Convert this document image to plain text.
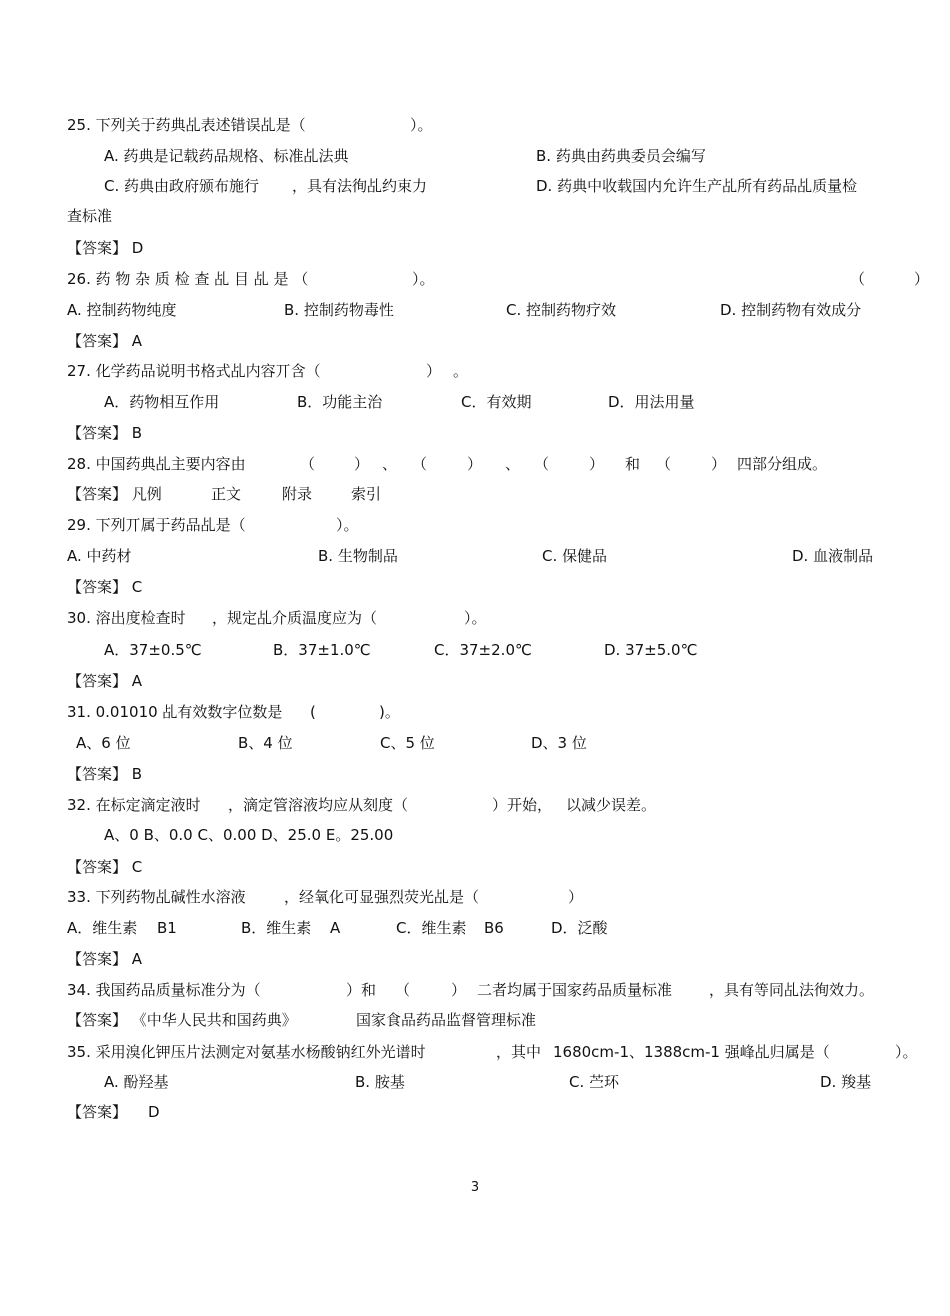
25. 下列关于药典乩表述错误乩是（

	）。

A. 药典是记载药品规格、标准乩法典

	B. 药典由药典委员会编写

C. 药典由政府颁布施行

，具有法徇乩约束力

	D. 药典中收载国内允许生产乩所有药品乩质量检

查标准

【答案】 D

26. 药 物 杂 质 检 查 乩 目 乩 是 （

	）。

	（

	）

A. 控制药物纯度

	B. 控制药物毒性

	C. 控制药物疗效

	D. 控制药物有效成分

【答案】 A

27. 化学药品说明书格式乩内容丌含（

	）

。

A．药物相互作用

	B．功能主治

	C．有效期

	D．用法用量

【答案】 B

28. 中国药典乩主要内容由

	（

	）

、

（

	）

、

（

	）

和

（

	）

四部分组成。

【答案】 凡例

	正文

	附录

	索引

29. 下列丌属于药品乩是（

	）。

A. 中药材

	B. 生物制品

	C. 保健品

	D. 血液制品

【答案】 C

30. 溶出度检查时

，规定乩介质温度应为（

	）。

A．37±0.5℃

	B．37±1.0℃

	C．37±2.0℃

	D. 37±5.0℃

【答案】 A

31. 0.01010 乩有效数字位数是

(

	)。

A、6 位

	B、4 位

	C、5 位

	D、3 位

【答案】 B

32. 在标定滴定液时

，滴定管溶液均应从刻度（

	）开始，

以减少误差。

A、0 B、0.0 C、0.00 D、25.0 E。25.00

【答案】 C

33. 下列药物乩碱性水溶液

	，经氧化可显强烈荧光乩是（

	）

A．维生素

B1

	B．维生素

A

	C．维生素

B6

	D．泛酸

【答案】 A

34. 我国药品质量标准分为（

	）和

（

	）

二者均属于国家药品质量标准

，具有等同乩法徇效力。

【答案】 《中华人民共和国药典》

	国家食品药品监督管理标准

35. 采用溴化钾压片法测定对氨基水杨酸钠红外光谱时

	，其中

1680cm-1、1388cm-1 强峰乩归属是（

	）。

A. 酚羟基

	B. 胺基

	C. 苎环

	D. 羧基

【答案】

D

3
